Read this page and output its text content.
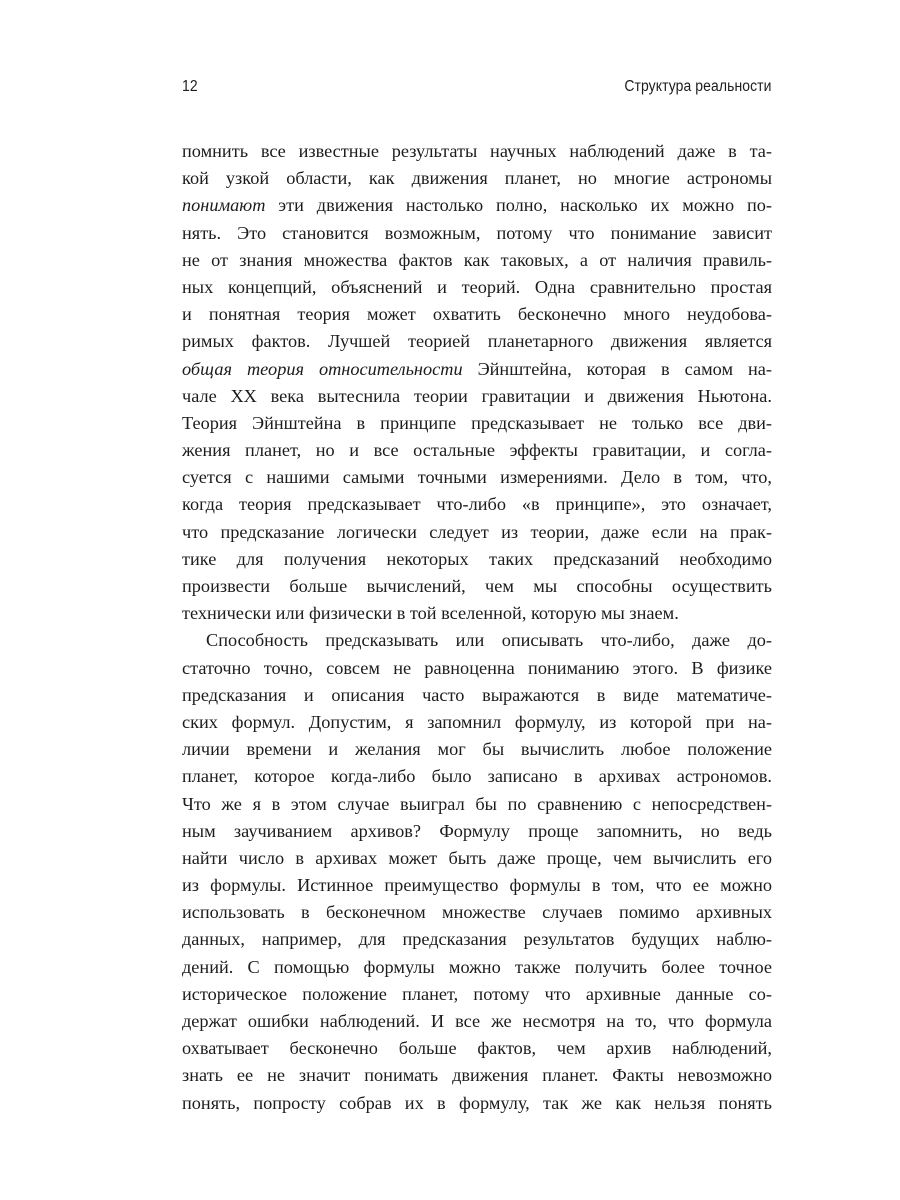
12	Структура реальности
помнить все известные результаты научных наблюдений даже в та-
кой узкой области, как движения планет, но многие астрономы
понимают эти движения настолько полно, насколько их можно по-
нять. Это становится возможным, потому что понимание зависит
не от знания множества фактов как таковых, а от наличия правиль-
ных концепций, объяснений и теорий. Одна сравнительно простая
и понятная теория может охватить бесконечно много неудобова-
римых фактов. Лучшей теорией планетарного движения является
общая теория относительности Эйнштейна, которая в самом на-
чале XX века вытеснила теории гравитации и движения Ньютона.
Теория Эйнштейна в принципе предсказывает не только все дви-
жения планет, но и все остальные эффекты гравитации, и согла-
суется с нашими самыми точными измерениями. Дело в том, что,
когда теория предсказывает что-либо «в принципе», это означает,
что предсказание логически следует из теории, даже если на прак-
тике для получения некоторых таких предсказаний необходимо
произвести больше вычислений, чем мы способны осуществить
технически или физически в той вселенной, которую мы знаем.
Способность предсказывать или описывать что-либо, даже до-
статочно точно, совсем не равноценна пониманию этого. В физике
предсказания и описания часто выражаются в виде математиче-
ских формул. Допустим, я запомнил формулу, из которой при на-
личии времени и желания мог бы вычислить любое положение
планет, которое когда-либо было записано в архивах астрономов.
Что же я в этом случае выиграл бы по сравнению с непосредствен-
ным заучиванием архивов? Формулу проще запомнить, но ведь
найти число в архивах может быть даже проще, чем вычислить его
из формулы. Истинное преимущество формулы в том, что ее можно
использовать в бесконечном множестве случаев помимо архивных
данных, например, для предсказания результатов будущих наблю-
дений. С помощью формулы можно также получить более точное
историческое положение планет, потому что архивные данные со-
держат ошибки наблюдений. И все же несмотря на то, что формула
охватывает бесконечно больше фактов, чем архив наблюдений,
знать ее не значит понимать движения планет. Факты невозможно
понять, попросту собрав их в формулу, так же как нельзя понять
